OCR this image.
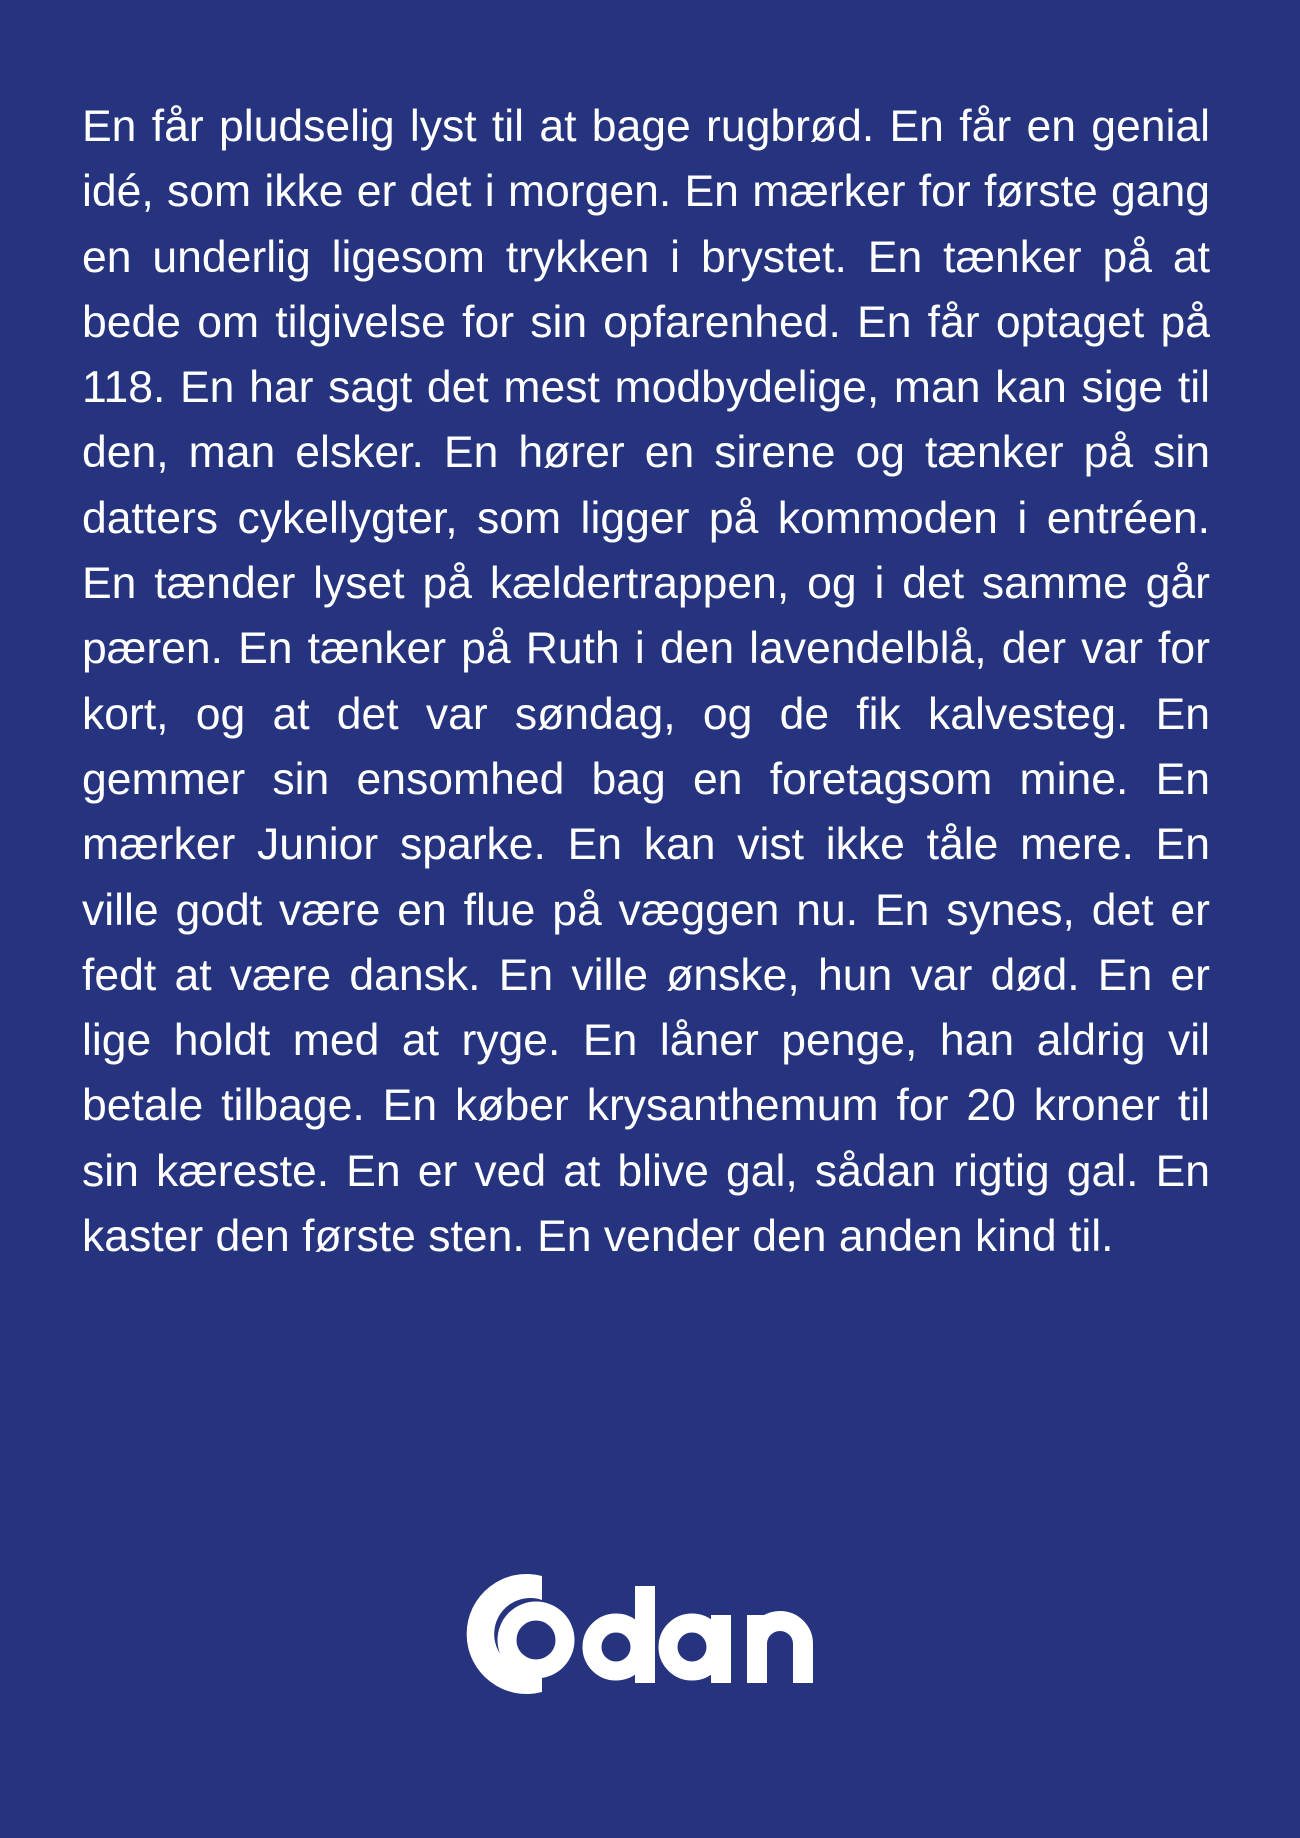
En får pludselig lyst til at bage rugbrød. En får en genial idé, som ikke er det i morgen. En mærker for første gang en underlig ligesom trykken i brystet. En tænker på at bede om tilgivelse for sin opfarenhed. En får optaget på 118. En har sagt det mest modbydelige, man kan sige til den, man elsker. En hører en sirene og tænker på sin datters cykellygter, som ligger på kommoden i entréen. En tænder lyset på kældertrappen, og i det samme går pæren. En tænker på Ruth i den lavendelblå, der var for kort, og at det var søndag, og de fik kalvesteg. En gemmer sin ensomhed bag en foretagsom mine. En mærker Junior sparke. En kan vist ikke tåle mere. En ville godt være en flue på væggen nu. En synes, det er fedt at være dansk. En ville ønske, hun var død. En er lige holdt med at ryge. En låner penge, han aldrig vil betale tilbage. En køber krysanthemum for 20 kroner til sin kæreste. En er ved at blive gal, sådan rigtig gal. En kaster den første sten. En vender den anden kind til.
